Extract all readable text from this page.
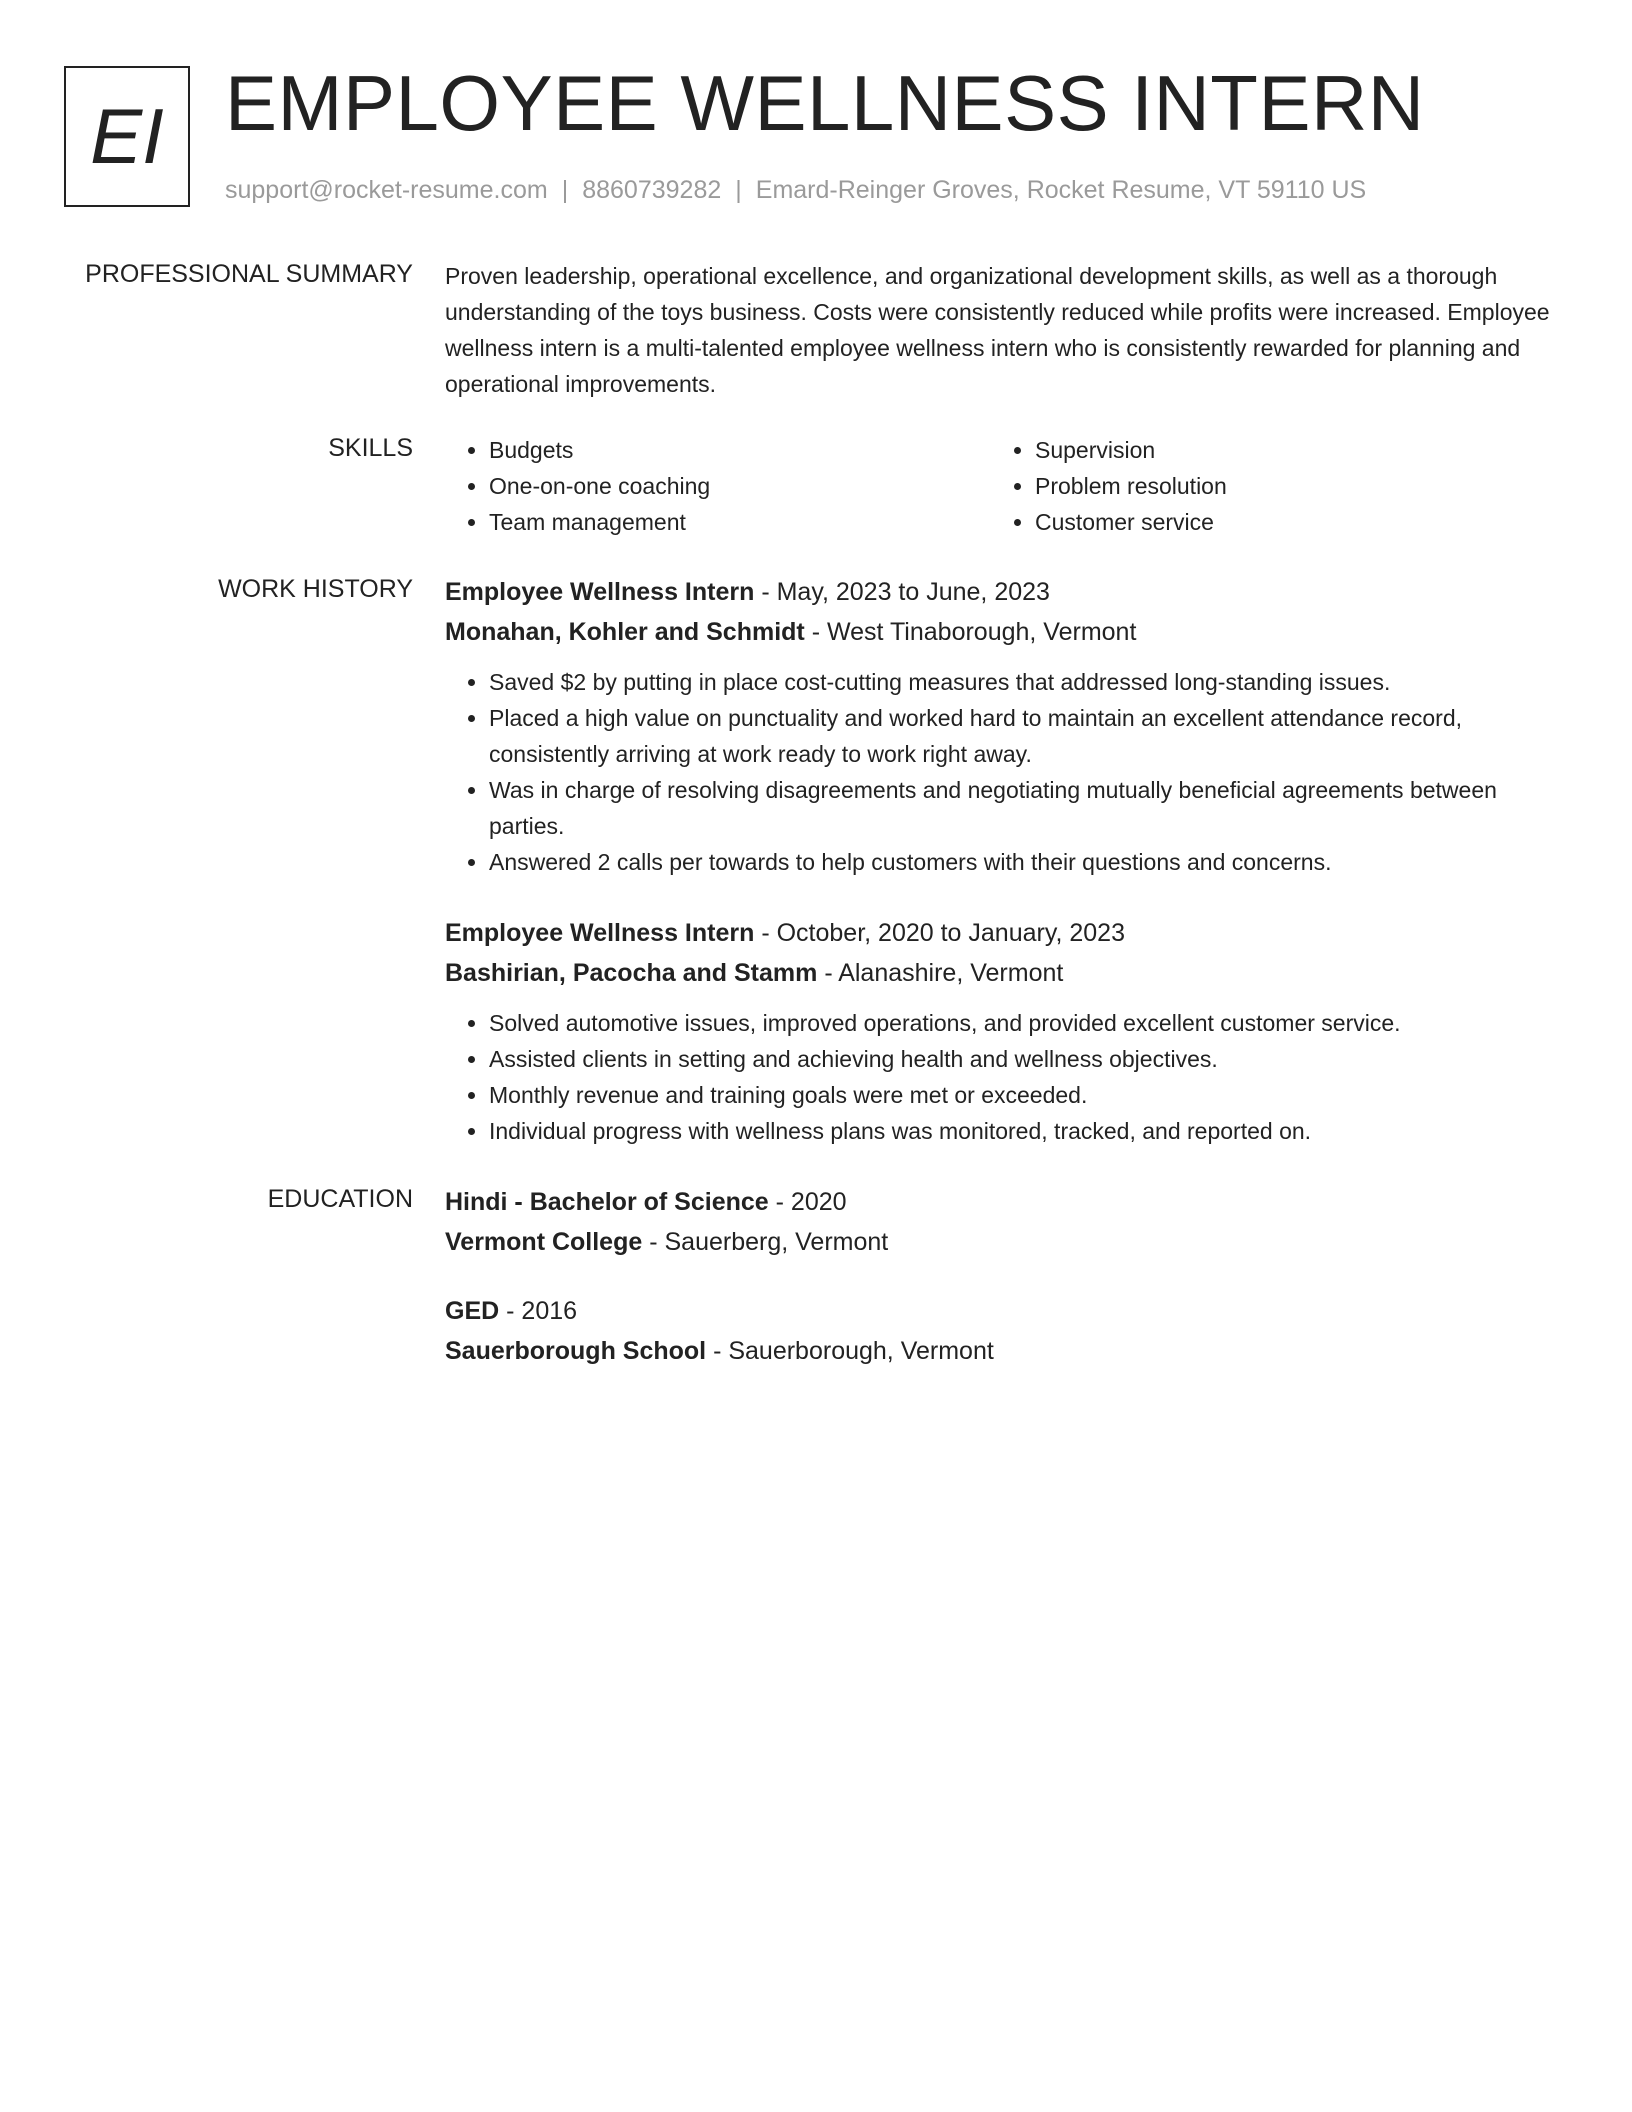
EI EMPLOYEE WELLNESS INTERN
support@rocket-resume.com | 8860739282 | Emard-Reinger Groves, Rocket Resume, VT 59110 US
PROFESSIONAL SUMMARY Proven leadership, operational excellence, and organizational development skills, as well as a thorough understanding of the toys business. Costs were consistently reduced while profits were increased. Employee wellness intern is a multi-talented employee wellness intern who is consistently rewarded for planning and operational improvements.
SKILLS
•	Budgets
• One-on-one coaching
• Team management
• Supervision
• Problem resolution
• Customer service
WORK HISTORY Employee Wellness Intern - May, 2023 to June, 2023
Monahan, Kohler and Schmidt - West Tinaborough, Vermont
• Saved $2 by putting in place cost-cutting measures that addressed long-standing issues.
• Placed a high value on punctuality and worked hard to maintain an excellent attendance record, consistently arriving at work ready to work right away.
• Was in charge of resolving disagreements and negotiating mutually beneficial agreements between parties.
• Answered 2 calls per towards to help customers with their questions and concerns.
Employee Wellness Intern - October, 2020 to January, 2023
Bashirian, Pacocha and Stamm - Alanashire, Vermont
• Solved automotive issues, improved operations, and provided excellent customer service.
• Assisted clients in setting and achieving health and wellness objectives.
• Monthly revenue and training goals were met or exceeded.
• Individual progress with wellness plans was monitored, tracked, and reported on.
EDUCATION Hindi - Bachelor of Science - 2020
Vermont College - Sauerberg, Vermont
GED - 2016
Sauerborough School - Sauerborough, Vermont
